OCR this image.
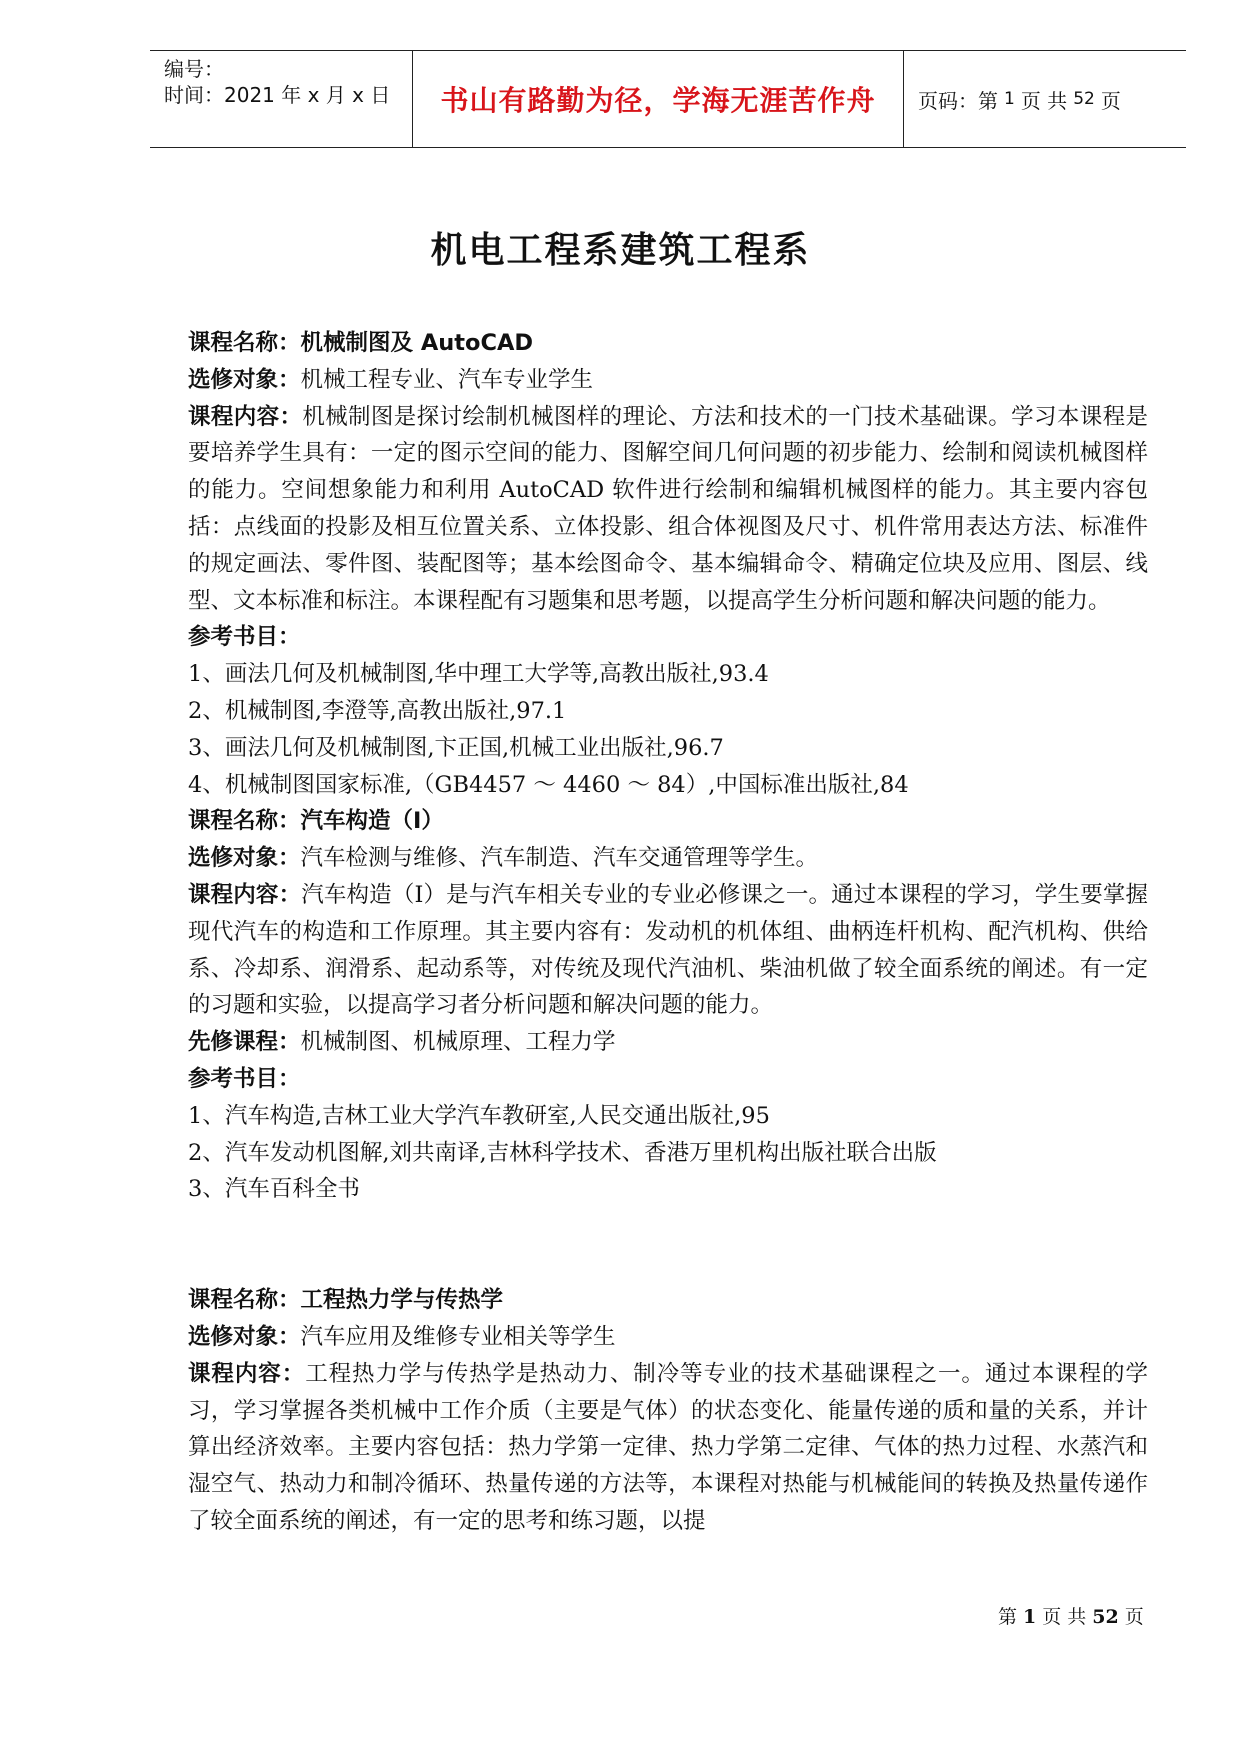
编号：
时间：2021 年 x 月 x 日	书山有路勤为径，学海无涯苦作舟	页码：第 1 页 共 52 页
机电工程系建筑工程系

课程名称：机械制图及 AutoCAD

选修对象：机械工程专业、汽车专业学生

课程内容：机械制图是探讨绘制机械图样的理论、方法和技术的一门技术基础课。学习本课程是要培养学生具有：一定的图示空间的能力、图解空间几何问题的初步能力、绘制和阅读机械图样的能力。空间想象能力和利用 AutoCAD 软件进行绘制和编辑机械图样的能力。其主要内容包括：点线面的投影及相互位置关系、立体投影、组合体视图及尺寸、机件常用表达方法、标准件的规定画法、零件图、装配图等；基本绘图命令、基本编辑命令、精确定位块及应用、图层、线型、文本标准和标注。本课程配有习题集和思考题，以提高学生分析问题和解决问题的能力。

参考书目：

1、画法几何及机械制图,华中理工大学等,高教出版社,93.4

2、机械制图,李澄等,高教出版社,97.1

3、画法几何及机械制图,卞正国,机械工业出版社,96.7

4、机械制图国家标准,（GB4457 ～ 4460 ～ 84）,中国标准出版社,84

课程名称：汽车构造（Ⅰ）

选修对象：汽车检测与维修、汽车制造、汽车交通管理等学生。

课程内容：汽车构造（Ⅰ）是与汽车相关专业的专业必修课之一。通过本课程的学习，学生要掌握现代汽车的构造和工作原理。其主要内容有：发动机的机体组、曲柄连杆机构、配汽机构、供给系、冷却系、润滑系、起动系等，对传统及现代汽油机、柴油机做了较全面系统的阐述。有一定的习题和实验，以提高学习者分析问题和解决问题的能力。

先修课程：机械制图、机械原理、工程力学

参考书目：

1、汽车构造,吉林工业大学汽车教研室,人民交通出版社,95

2、汽车发动机图解,刘共南译,吉林科学技术、香港万里机构出版社联合出版

3、汽车百科全书

课程名称：工程热力学与传热学

选修对象：汽车应用及维修专业相关等学生

课程内容：工程热力学与传热学是热动力、制冷等专业的技术基础课程之一。通过本课程的学习，学习掌握各类机械中工作介质（主要是气体）的状态变化、能量传递的质和量的关系，并计算出经济效率。主要内容包括：热力学第一定律、热力学第二定律、气体的热力过程、水蒸汽和湿空气、热动力和制冷循环、热量传递的方法等，本课程对热能与机械能间的转换及热量传递作了较全面系统的阐述，有一定的思考和练习题，以提

第 1 页 共 52 页
